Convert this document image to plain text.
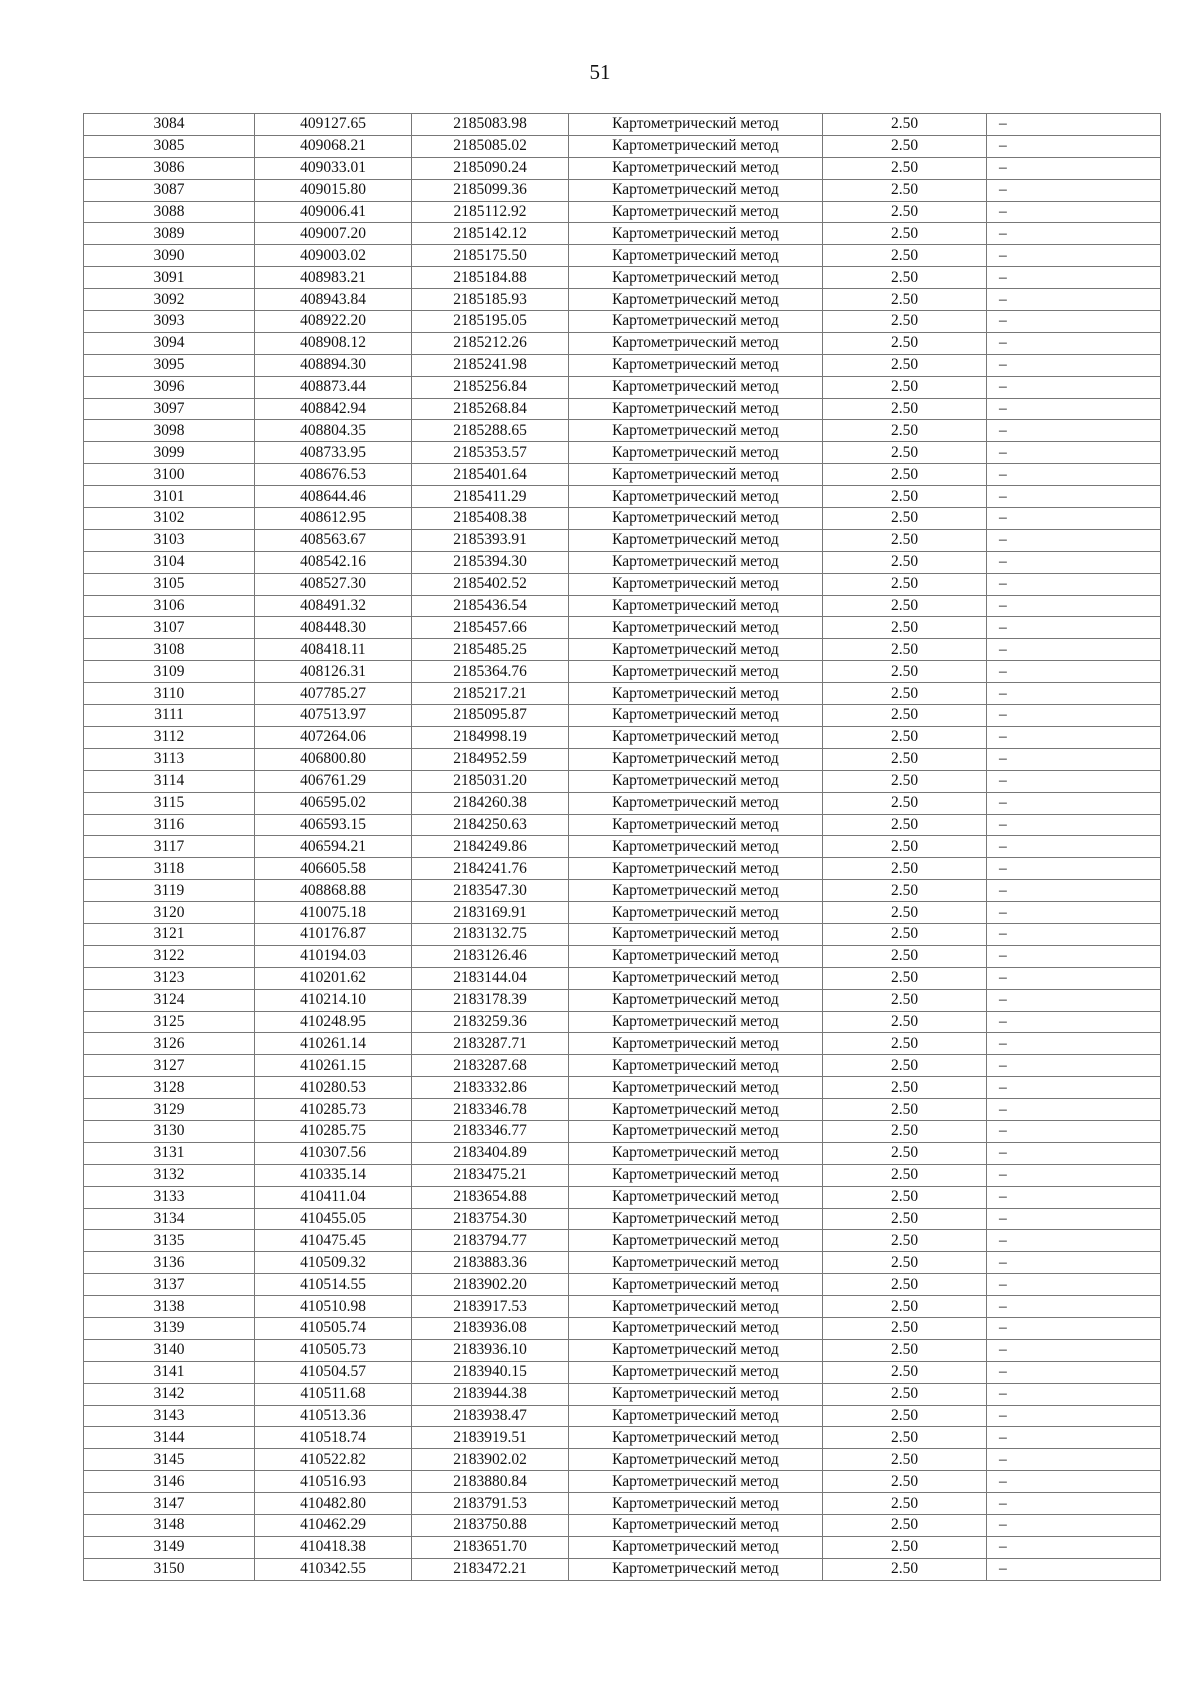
51
3084	409127.65	2185083.98	Картометрический метод	2.50	–
3085	409068.21	2185085.02	Картометрический метод	2.50	–
3086	409033.01	2185090.24	Картометрический метод	2.50	–
3087	409015.80	2185099.36	Картометрический метод	2.50	–
3088	409006.41	2185112.92	Картометрический метод	2.50	–
3089	409007.20	2185142.12	Картометрический метод	2.50	–
3090	409003.02	2185175.50	Картометрический метод	2.50	–
3091	408983.21	2185184.88	Картометрический метод	2.50	–
3092	408943.84	2185185.93	Картометрический метод	2.50	–
3093	408922.20	2185195.05	Картометрический метод	2.50	–
3094	408908.12	2185212.26	Картометрический метод	2.50	–
3095	408894.30	2185241.98	Картометрический метод	2.50	–
3096	408873.44	2185256.84	Картометрический метод	2.50	–
3097	408842.94	2185268.84	Картометрический метод	2.50	–
3098	408804.35	2185288.65	Картометрический метод	2.50	–
3099	408733.95	2185353.57	Картометрический метод	2.50	–
3100	408676.53	2185401.64	Картометрический метод	2.50	–
3101	408644.46	2185411.29	Картометрический метод	2.50	–
3102	408612.95	2185408.38	Картометрический метод	2.50	–
3103	408563.67	2185393.91	Картометрический метод	2.50	–
3104	408542.16	2185394.30	Картометрический метод	2.50	–
3105	408527.30	2185402.52	Картометрический метод	2.50	–
3106	408491.32	2185436.54	Картометрический метод	2.50	–
3107	408448.30	2185457.66	Картометрический метод	2.50	–
3108	408418.11	2185485.25	Картометрический метод	2.50	–
3109	408126.31	2185364.76	Картометрический метод	2.50	–
3110	407785.27	2185217.21	Картометрический метод	2.50	–
3111	407513.97	2185095.87	Картометрический метод	2.50	–
3112	407264.06	2184998.19	Картометрический метод	2.50	–
3113	406800.80	2184952.59	Картометрический метод	2.50	–
3114	406761.29	2185031.20	Картометрический метод	2.50	–
3115	406595.02	2184260.38	Картометрический метод	2.50	–
3116	406593.15	2184250.63	Картометрический метод	2.50	–
3117	406594.21	2184249.86	Картометрический метод	2.50	–
3118	406605.58	2184241.76	Картометрический метод	2.50	–
3119	408868.88	2183547.30	Картометрический метод	2.50	–
3120	410075.18	2183169.91	Картометрический метод	2.50	–
3121	410176.87	2183132.75	Картометрический метод	2.50	–
3122	410194.03	2183126.46	Картометрический метод	2.50	–
3123	410201.62	2183144.04	Картометрический метод	2.50	–
3124	410214.10	2183178.39	Картометрический метод	2.50	–
3125	410248.95	2183259.36	Картометрический метод	2.50	–
3126	410261.14	2183287.71	Картометрический метод	2.50	–
3127	410261.15	2183287.68	Картометрический метод	2.50	–
3128	410280.53	2183332.86	Картометрический метод	2.50	–
3129	410285.73	2183346.78	Картометрический метод	2.50	–
3130	410285.75	2183346.77	Картометрический метод	2.50	–
3131	410307.56	2183404.89	Картометрический метод	2.50	–
3132	410335.14	2183475.21	Картометрический метод	2.50	–
3133	410411.04	2183654.88	Картометрический метод	2.50	–
3134	410455.05	2183754.30	Картометрический метод	2.50	–
3135	410475.45	2183794.77	Картометрический метод	2.50	–
3136	410509.32	2183883.36	Картометрический метод	2.50	–
3137	410514.55	2183902.20	Картометрический метод	2.50	–
3138	410510.98	2183917.53	Картометрический метод	2.50	–
3139	410505.74	2183936.08	Картометрический метод	2.50	–
3140	410505.73	2183936.10	Картометрический метод	2.50	–
3141	410504.57	2183940.15	Картометрический метод	2.50	–
3142	410511.68	2183944.38	Картометрический метод	2.50	–
3143	410513.36	2183938.47	Картометрический метод	2.50	–
3144	410518.74	2183919.51	Картометрический метод	2.50	–
3145	410522.82	2183902.02	Картометрический метод	2.50	–
3146	410516.93	2183880.84	Картометрический метод	2.50	–
3147	410482.80	2183791.53	Картометрический метод	2.50	–
3148	410462.29	2183750.88	Картометрический метод	2.50	–
3149	410418.38	2183651.70	Картометрический метод	2.50	–
3150	410342.55	2183472.21	Картометрический метод	2.50	–
